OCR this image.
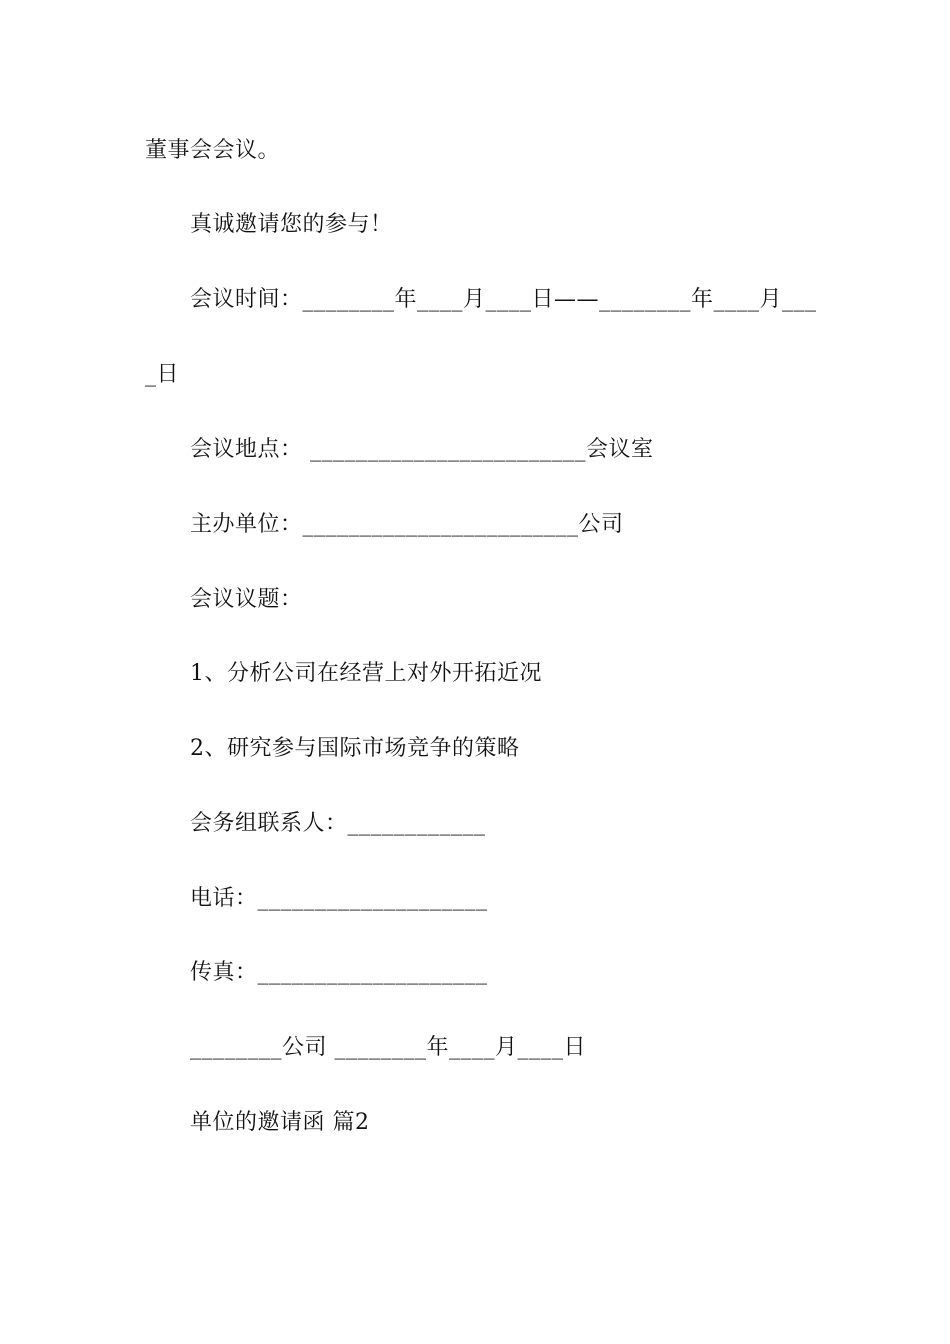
董事会会议。
真诚邀请您的参与！
会议时间：________年____月____日——________年____月___
_日
会议地点： ________________________会议室
主办单位：________________________公司
会议议题：
1、分析公司在经营上对外开拓近况
2、研究参与国际市场竞争的策略
会务组联系人：____________
电话：____________________
传真：____________________
________公司 ________年____月____日
单位的邀请函 篇2
